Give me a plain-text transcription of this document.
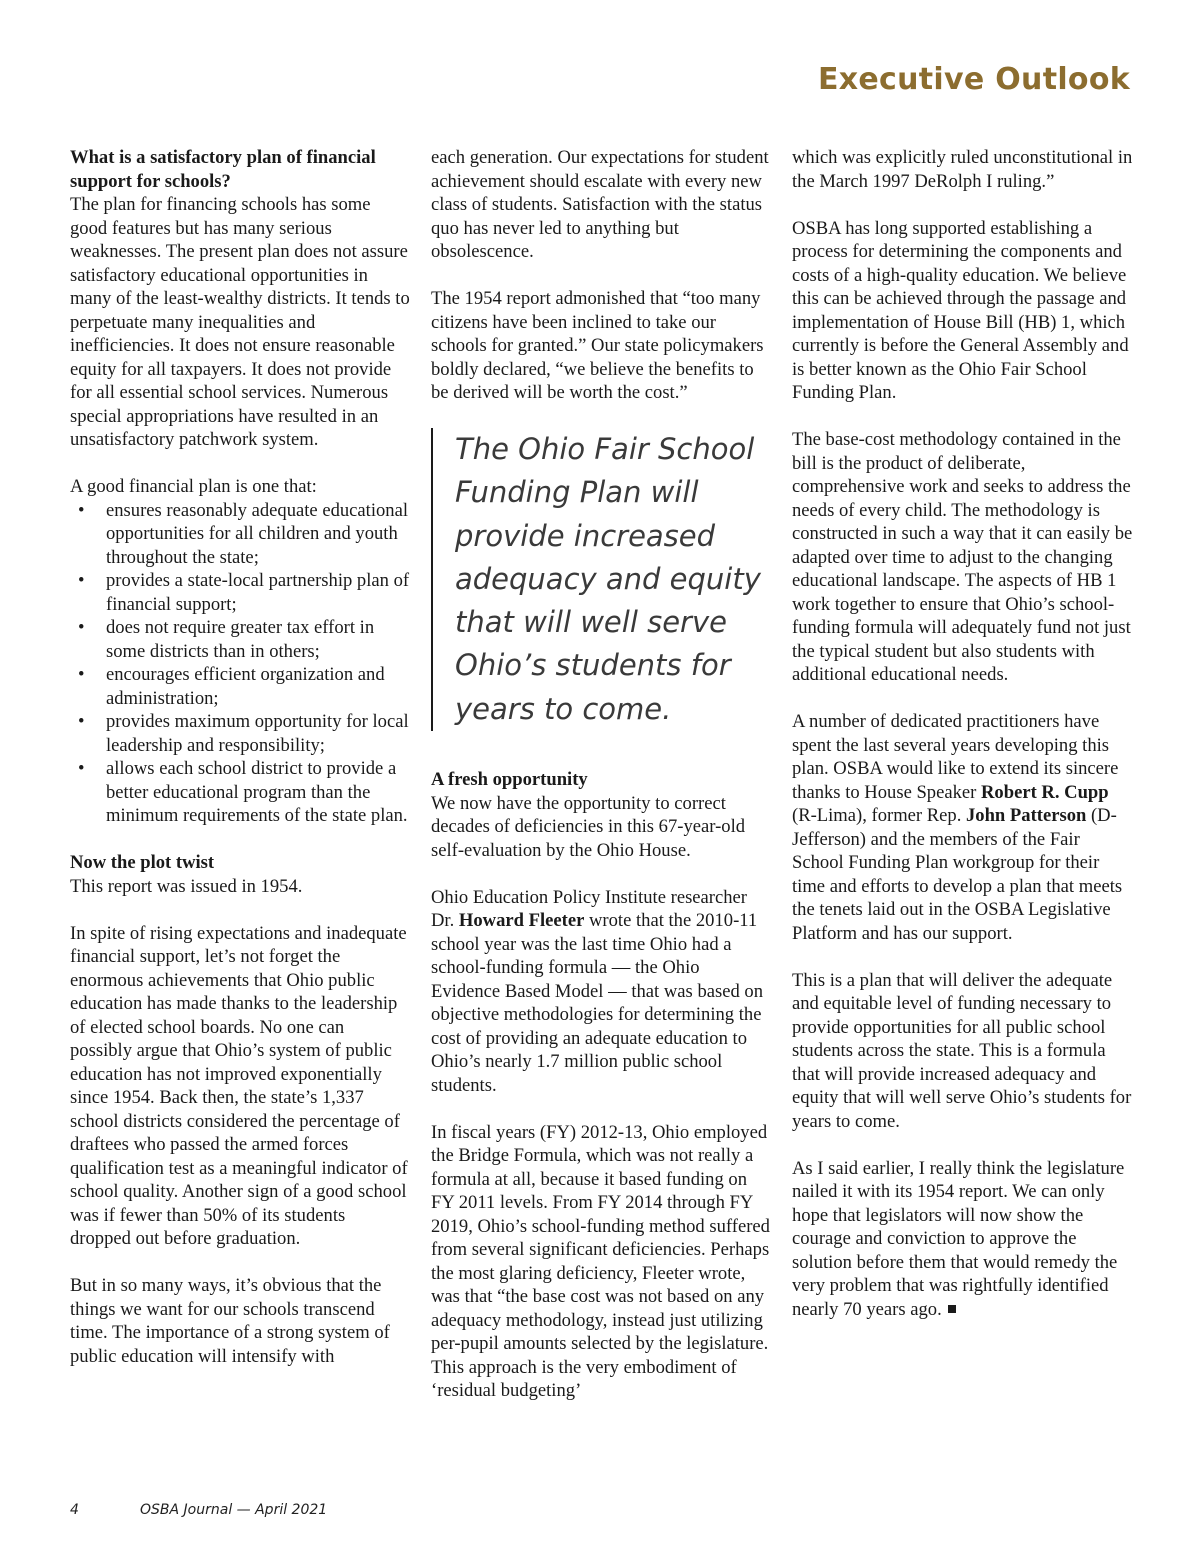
Executive Outlook

What is a satisfactory plan of financial support for schools?
The plan for financing schools has some good features but has many serious weaknesses. The present plan does not assure satisfactory educational opportunities in many of the least-wealthy districts. It tends to perpetuate many inequalities and inefficiencies. It does not ensure reasonable equity for all taxpayers. It does not provide for all essential school services. Numerous special appropriations have resulted in an unsatisfactory patchwork system.

A good financial plan is one that:

• ensures reasonably adequate educational opportunities for all children and youth throughout the state;
• provides a state-local partnership plan of financial support;
• does not require greater tax effort in some districts than in others;
• encourages efficient organization and administration;
• provides maximum opportunity for local leadership and responsibility;
• allows each school district to provide a better educational program than the minimum requirements of the state plan.

Now the plot twist
This report was issued in 1954.

In spite of rising expectations and inadequate financial support, let’s not forget the enormous achievements that Ohio public education has made thanks to the leadership of elected school boards. No one can possibly argue that Ohio’s system of public education has not improved exponentially since 1954. Back then, the state’s 1,337 school districts considered the percentage of draftees who passed the armed forces qualification test as a meaningful indicator of school quality. Another sign of a good school was if fewer than 50% of its students dropped out before graduation.

But in so many ways, it’s obvious that the things we want for our schools transcend time. The importance of a strong system of public education will intensify with

each generation. Our expectations for student achievement should escalate with every new class of students. Satisfaction with the status quo has never led to anything but obsolescence.

The 1954 report admonished that “too many citizens have been inclined to take our schools for granted.” Our state policymakers boldly declared, “we believe the benefits to be derived will be worth the cost.”

The Ohio Fair School Funding Plan will provide increased adequacy and equity that will well serve Ohio’s students for years to come.

A fresh opportunity
We now have the opportunity to correct decades of deficiencies in this 67-year-old self-evaluation by the Ohio House.

Ohio Education Policy Institute researcher Dr. Howard Fleeter wrote that the 2010-11 school year was the last time Ohio had a school-funding formula — the Ohio Evidence Based Model — that was based on objective methodologies for determining the cost of providing an adequate education to Ohio’s nearly 1.7 million public school students.

In fiscal years (FY) 2012-13, Ohio employed the Bridge Formula, which was not really a formula at all, because it based funding on FY 2011 levels. From FY 2014 through FY 2019, Ohio’s school-funding method suffered from several significant deficiencies. Perhaps the most glaring deficiency, Fleeter wrote, was that “the base cost was not based on any adequacy methodology, instead just utilizing per-pupil amounts selected by the legislature. This approach is the very embodiment of ‘residual budgeting’

which was explicitly ruled unconstitutional in the March 1997 DeRolph I ruling.”

OSBA has long supported establishing a process for determining the components and costs of a high-quality education. We believe this can be achieved through the passage and implementation of House Bill (HB) 1, which currently is before the General Assembly and is better known as the Ohio Fair School Funding Plan.

The base-cost methodology contained in the bill is the product of deliberate, comprehensive work and seeks to address the needs of every child. The methodology is constructed in such a way that it can easily be adapted over time to adjust to the changing educational landscape. The aspects of HB 1 work together to ensure that Ohio’s school-funding formula will adequately fund not just the typical student but also students with additional educational needs.

A number of dedicated practitioners have spent the last several years developing this plan. OSBA would like to extend its sincere thanks to House Speaker Robert R. Cupp (R-Lima), former Rep. John Patterson (D-Jefferson) and the members of the Fair School Funding Plan workgroup for their time and efforts to develop a plan that meets the tenets laid out in the OSBA Legislative Platform and has our support.

This is a plan that will deliver the adequate and equitable level of funding necessary to provide opportunities for all public school students across the state. This is a formula that will provide increased adequacy and equity that will well serve Ohio’s students for years to come.

As I said earlier, I really think the legislature nailed it with its 1954 report. We can only hope that legislators will now show the courage and conviction to approve the solution before them that would remedy the very problem that was rightfully identified nearly 70 years ago.

4	OSBA Journal — April 2021
